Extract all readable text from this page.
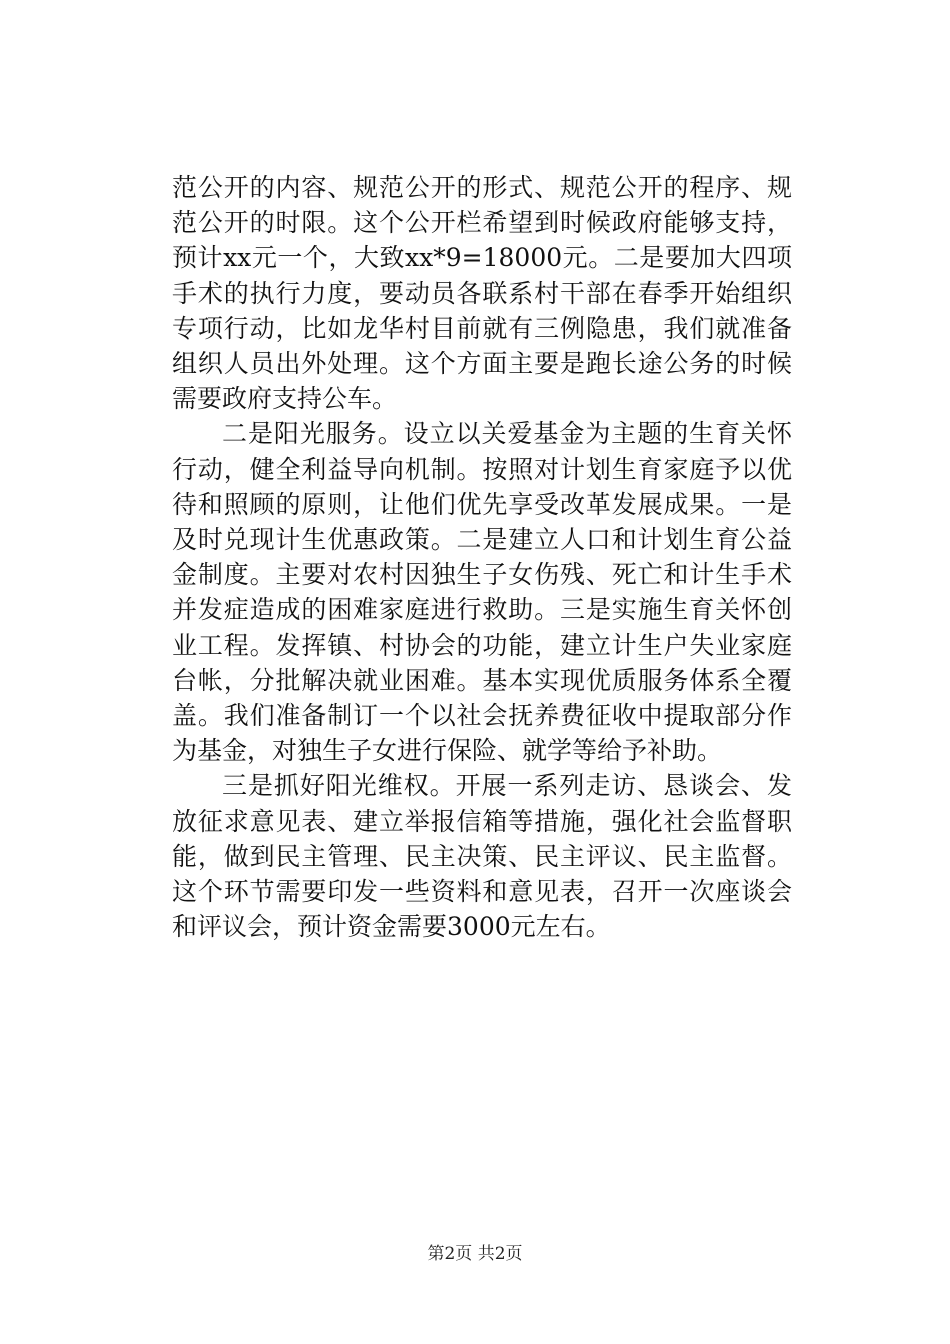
范公开的内容、规范公开的形式、规范公开的程序、规范公开的时限。这个公开栏希望到时候政府能够支持，预计xx元一个，大致xx*9=18000元。二是要加大四项手术的执行力度，要动员各联系村干部在春季开始组织专项行动，比如龙华村目前就有三例隐患，我们就准备组织人员出外处理。这个方面主要是跑长途公务的时候需要政府支持公车。

二是阳光服务。设立以关爱基金为主题的生育关怀行动，健全利益导向机制。按照对计划生育家庭予以优待和照顾的原则，让他们优先享受改革发展成果。一是及时兑现计生优惠政策。二是建立人口和计划生育公益金制度。主要对农村因独生子女伤残、死亡和计生手术并发症造成的困难家庭进行救助。三是实施生育关怀创业工程。发挥镇、村协会的功能，建立计生户失业家庭台帐，分批解决就业困难。基本实现优质服务体系全覆盖。我们准备制订一个以社会抚养费征收中提取部分作为基金，对独生子女进行保险、就学等给予补助。

三是抓好阳光维权。开展一系列走访、恳谈会、发放征求意见表、建立举报信箱等措施，强化社会监督职能，做到民主管理、民主决策、民主评议、民主监督。这个环节需要印发一些资料和意见表，召开一次座谈会和评议会，预计资金需要3000元左右。

第2页 共2页
